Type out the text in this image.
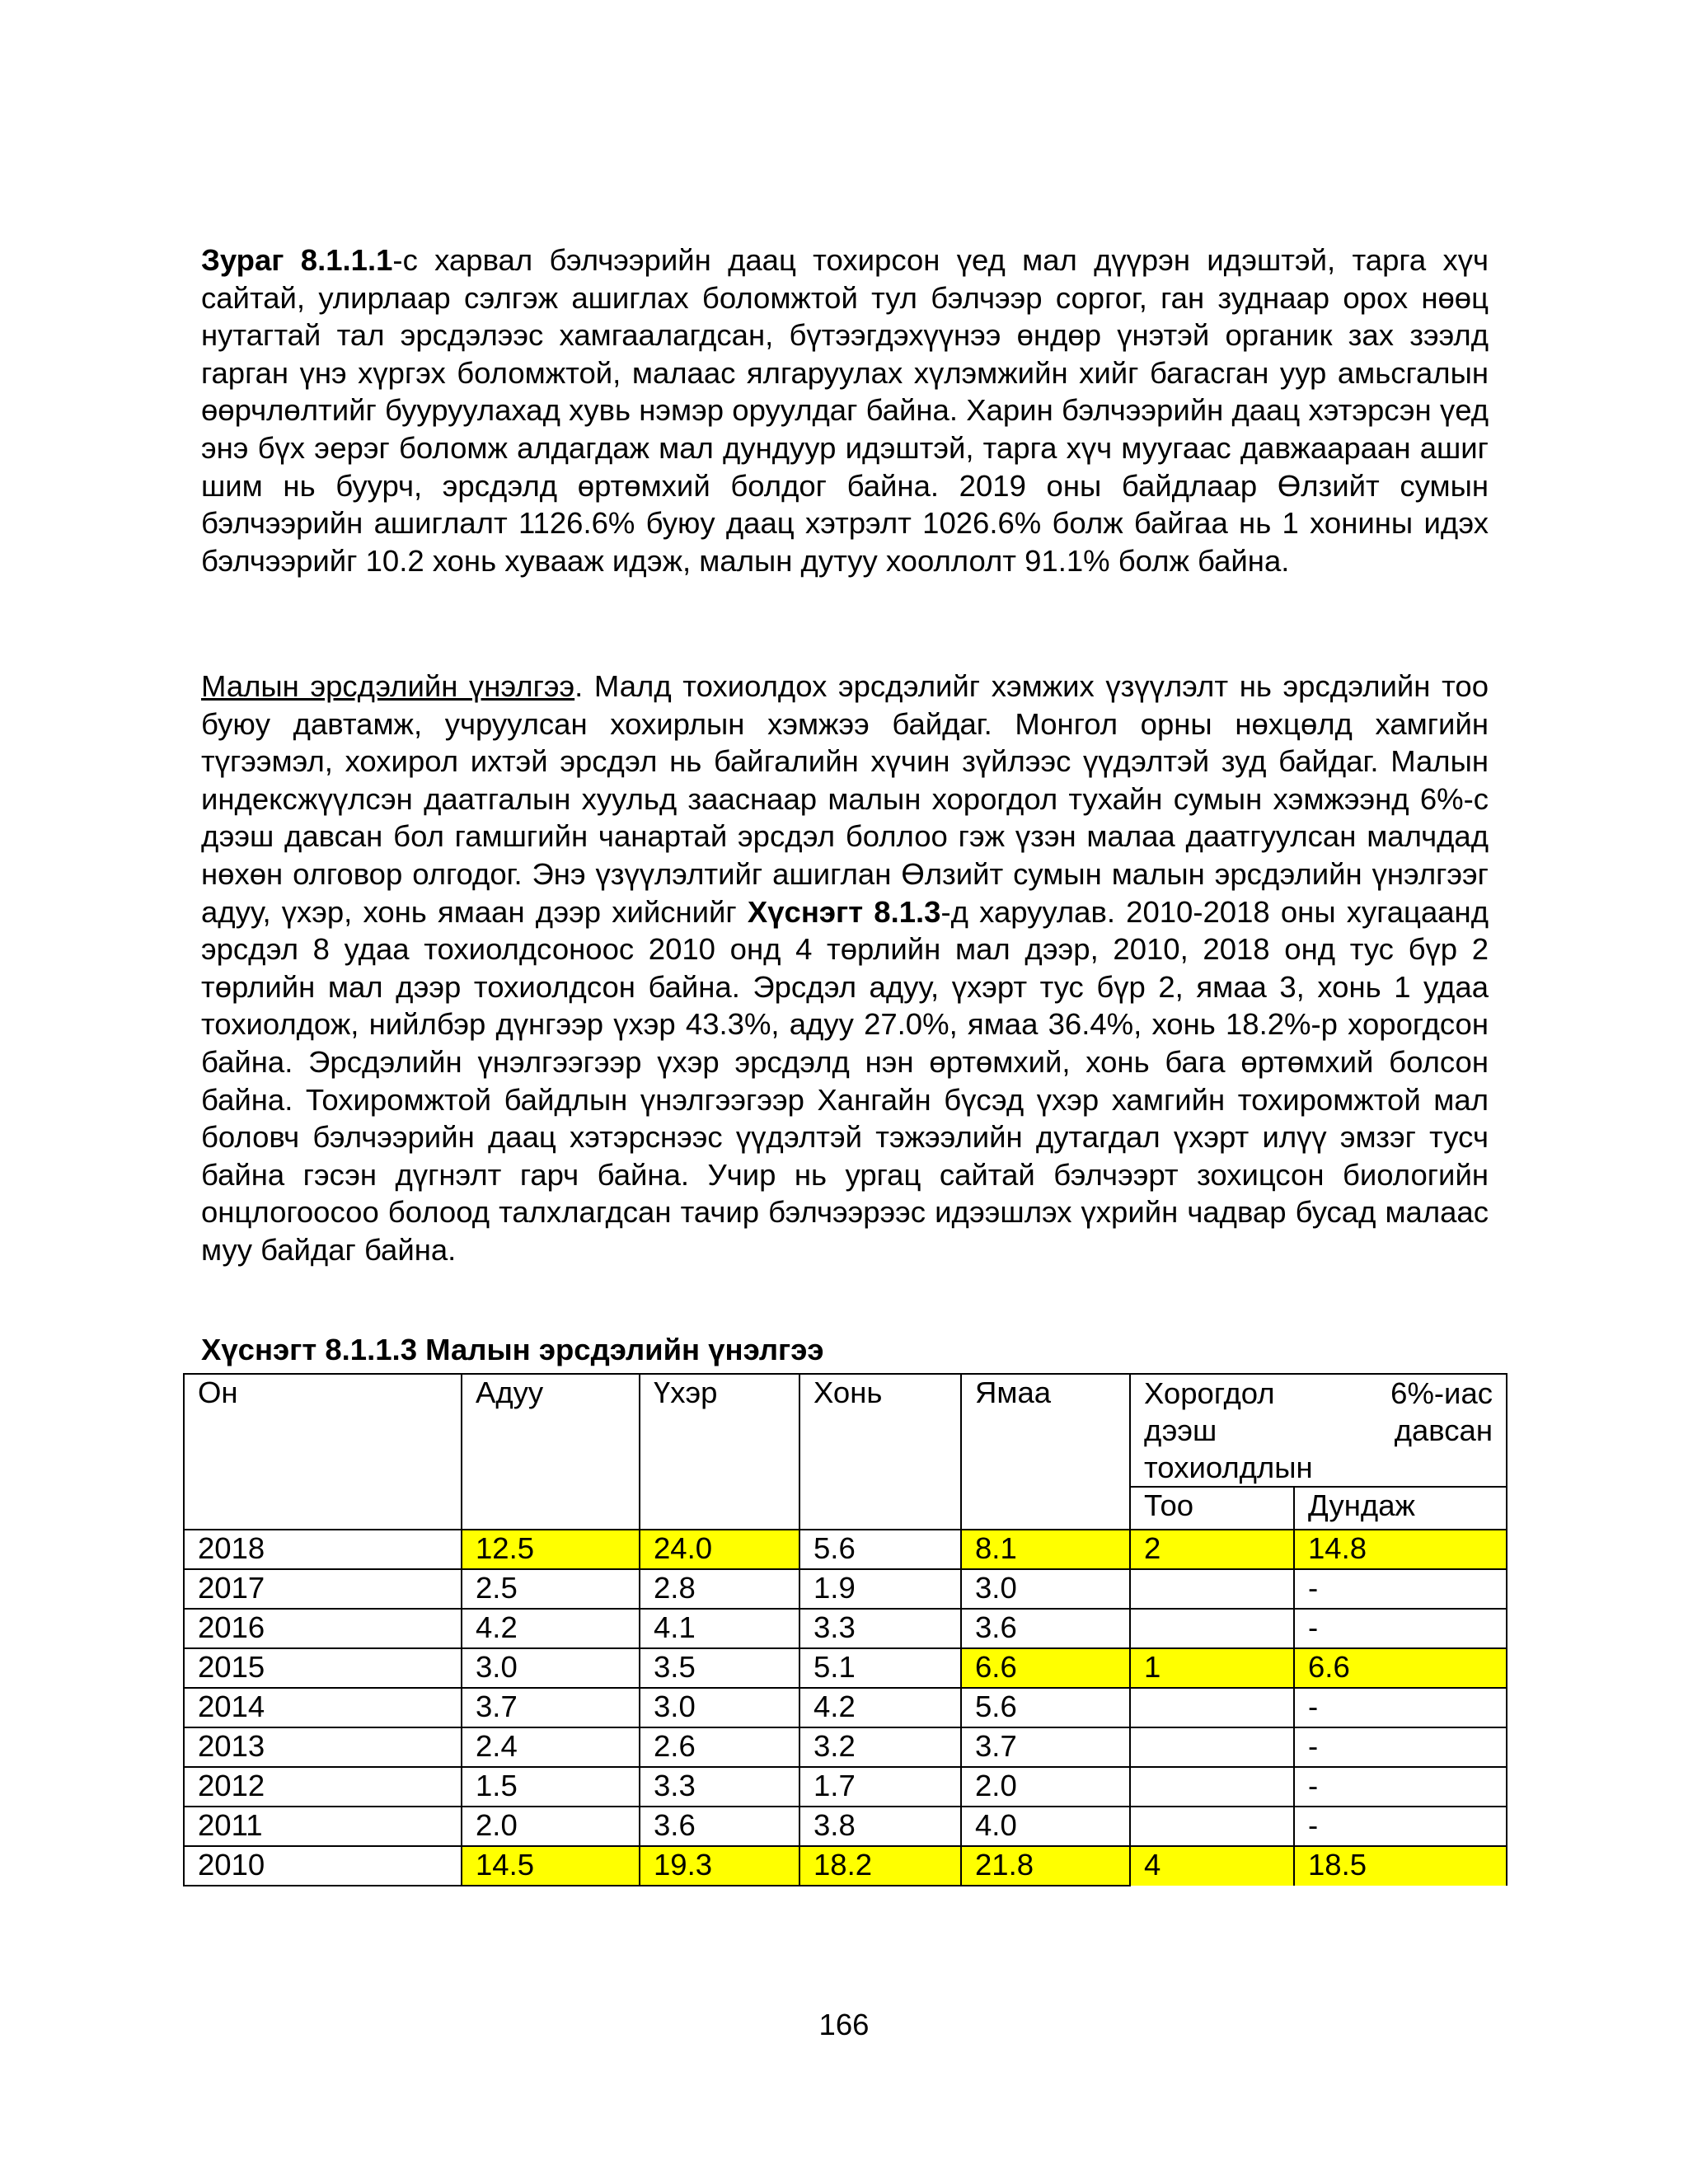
Зураг 8.1.1.1-с харвал бэлчээрийн даац тохирсон үед мал дүүрэн идэштэй, тарга хүч сайтай, улирлаар сэлгэж ашиглах боломжтой тул бэлчээр соргог, ган зуднаар орох нөөц нутагтай тал эрсдэлээс хамгаалагдсан, бүтээгдэхүүнээ өндөр үнэтэй органик зах зээлд гарган үнэ хүргэх боломжтой, малаас ялгаруулах хүлэмжийн хийг багасган уур амьсгалын өөрчлөлтийг бууруулахад хувь нэмэр оруулдаг байна. Харин бэлчээрийн даац хэтэрсэн үед энэ бүх эерэг боломж алдагдаж мал дундуур идэштэй, тарга хүч муугаас давжаараан ашиг шим нь буурч, эрсдэлд өртөмхий болдог байна. 2019 оны байдлаар Өлзийт сумын бэлчээрийн ашиглалт 1126.6% буюу даац хэтрэлт 1026.6% болж байгаа нь 1 хонины идэх бэлчээрийг 10.2 хонь хуваaж идэж, малын дутуу хооллолт 91.1% болж байна.

Малын эрсдэлийн үнэлгээ. Малд тохиолдох эрсдэлийг хэмжих үзүүлэлт нь эрсдэлийн тоо буюу давтамж, учруулсан хохирлын хэмжээ байдаг. Монгол орны нөхцөлд хамгийн түгээмэл, хохирол ихтэй эрсдэл нь байгалийн хүчин зүйлээс үүдэлтэй зуд байдаг. Малын индексжүүлсэн даатгалын хуульд зааснаар малын хорогдол тухайн сумын хэмжээнд 6%-с дээш давсан бол гамшгийн чанартай эрсдэл боллоо гэж үзэн малаа даатгуулсан малчдад нөхөн олговор олгодог. Энэ үзүүлэлтийг ашиглан Өлзийт сумын малын эрсдэлийн үнэлгээг адуу, үхэр, хонь ямаан дээр хийснийг Хүснэгт 8.1.3-д харуулав. 2010-2018 оны хугацаанд эрсдэл 8 удаа тохиолдсоноос 2010 онд 4 төрлийн мал дээр, 2010, 2018 онд тус бүр 2 төрлийн мал дээр тохиолдсон байна. Эрсдэл адуу, үхэрт тус бүр 2, ямаа 3, хонь 1 удаа тохиолдож, нийлбэр дүнгээр үхэр 43.3%, адуу 27.0%, ямаа 36.4%, хонь 18.2%-р хорогдсон байна. Эрсдэлийн үнэлгээгээр үхэр эрсдэлд нэн өртөмхий, хонь бага өртөмхий болсон байна. Тохиромжтой байдлын үнэлгээгээр Хангайн бүсэд үхэр хамгийн тохиромжтой мал боловч бэлчээрийн даац хэтэрснээс үүдэлтэй тэжээлийн дутагдал үхэрт илүү эмзэг тусч байна гэсэн дүгнэлт гарч байна. Учир нь ургац сайтай бэлчээрт зохицсон биологийн онцлогоосоо болоод талхлагдсан тачир бэлчээрээс идээшлэх үхрийн чадвар бусад малаас муу байдаг байна.

Хүснэгт 8.1.1.3 Малын эрсдэлийн үнэлгээ
Он	Адуу	Үхэр	Хонь	Ямаа	Хорогдол 6%-иас
дээш давсан
тохиолдлын	

					Тоо	Дундаж
2018	12.5	24.0	5.6	8.1	2	14.8
2017	2.5	2.8	1.9	3.0		-
2016	4.2	4.1	3.3	3.6		-
2015	3.0	3.5	5.1	6.6	1	6.6
2014	3.7	3.0	4.2	5.6		-
2013	2.4	2.6	3.2	3.7		-
2012	1.5	3.3	1.7	2.0		-
2011	2.0	3.6	3.8	4.0		-
2010	14.5	19.3	18.2	21.8	4	18.5
166
